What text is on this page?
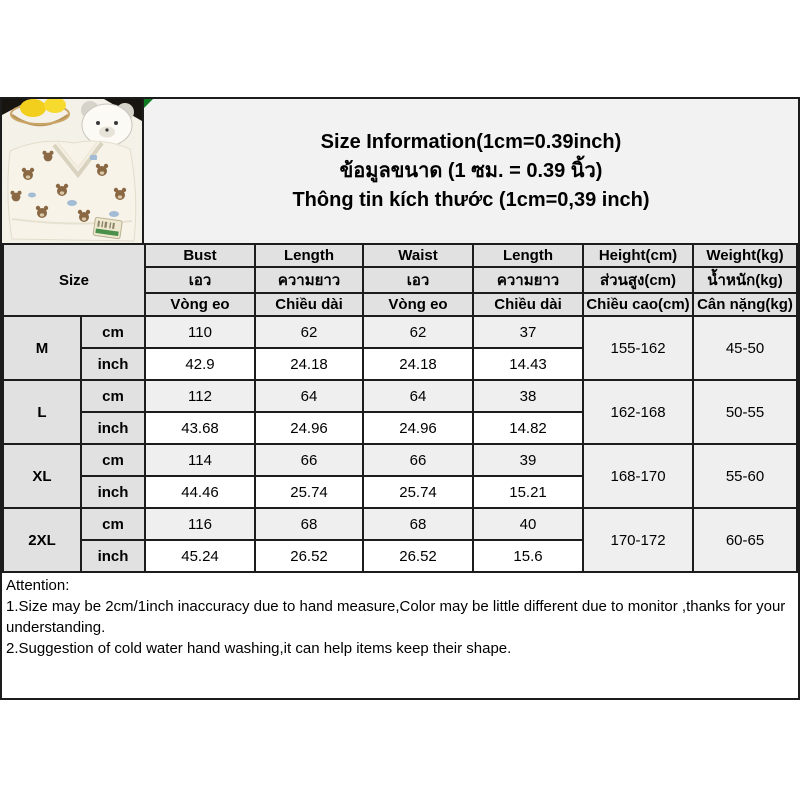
Size Information(1cm=0.39inch)
ข้อมูลขนาด (1 ซม. = 0.39 นิ้ว)
Thông tin kích thước (1cm=0,39 inch)
Size		Bust	Length	Waist	Length	Height(cm)	Weight(kg)
		เอว	ความยาว	เอว	ความยาว	ส่วนสูง(cm)	น้ำหนัก(kg)
		Vòng eo	Chiều dài	Vòng eo	Chiều dài	Chiều cao(cm)	Cân nặng(kg)
M	cm	110	62	62	37	155-162	45-50
	inch	42.9	24.18	24.18	14.43		
L	cm	112	64	64	38	162-168	50-55
	inch	43.68	24.96	24.96	14.82		
XL	cm	114	66	66	39	168-170	55-60
	inch	44.46	25.74	25.74	15.21		
2XL	cm	116	68	68	40	170-172	60-65
	inch	45.24	26.52	26.52	15.6		

Attention:

1.Size may be 2cm/1inch inaccuracy due to hand measure,Color may be little different due to monitor ,thanks for your understanding.

2.Suggestion of cold water hand washing,it can help items keep their shape.
